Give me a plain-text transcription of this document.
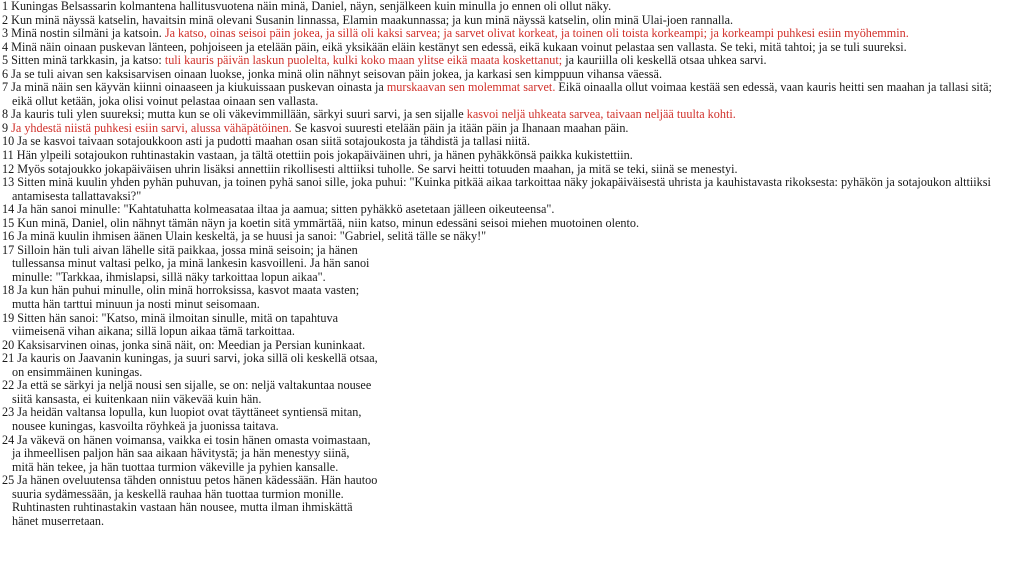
1 Kuningas Belsassarin kolmantena hallitusvuotena näin minä, Daniel, näyn, senjälkeen kuin minulla jo ennen oli ollut näky.

2 Kun minä näyssä katselin, havaitsin minä olevani Susanin linnassa, Elamin maakunnassa; ja kun minä näyssä katselin, olin minä Ulai-joen rannalla.

3 Minä nostin silmäni ja katsoin. Ja katso, oinas seisoi päin jokea, ja sillä oli kaksi sarvea; ja sarvet olivat korkeat, ja toinen oli toista korkeampi; ja korkeampi puhkesi esiin myöhemmin.

4 Minä näin oinaan puskevan länteen, pohjoiseen ja etelään päin, eikä yksikään eläin kestänyt sen edessä, eikä kukaan voinut pelastaa sen vallasta. Se teki, mitä tahtoi; ja se tuli suureksi.

5 Sitten minä tarkkasin, ja katso: tuli kauris päivän laskun puolelta, kulki koko maan ylitse eikä maata koskettanut; ja kauriilla oli keskellä otsaa uhkea sarvi.

6 Ja se tuli aivan sen kaksisarvisen oinaan luokse, jonka minä olin nähnyt seisovan päin jokea, ja karkasi sen kimppuun vihansa väessä.

7 Ja minä näin sen käyvän kiinni oinaaseen ja kiukuissaan puskevan oinasta ja murskaavan sen molemmat sarvet. Eikä oinaalla ollut voimaa kestää sen edessä, vaan kauris heitti sen maahan ja tallasi sitä; eikä ollut ketään, joka olisi voinut pelastaa oinaan sen vallasta.

8 Ja kauris tuli ylen suureksi; mutta kun se oli väkevimmillään, särkyi suuri sarvi, ja sen sijalle kasvoi neljä uhkeata sarvea, taivaan neljää tuulta kohti.

9 Ja yhdestä niistä puhkesi esiin sarvi, alussa vähäpätöinen. Se kasvoi suuresti etelään päin ja itään päin ja Ihanaan maahan päin.

10 Ja se kasvoi taivaan sotajoukkoon asti ja pudotti maahan osan siitä sotajoukosta ja tähdistä ja tallasi niitä.

11 Hän ylpeili sotajoukon ruhtinastakin vastaan, ja tältä otettiin pois jokapäiväinen uhri, ja hänen pyhäkkönsä paikka kukistettiin.

12 Myös sotajoukko jokapäiväisen uhrin lisäksi annettiin rikollisesti alttiiksi tuholle. Se sarvi heitti totuuden maahan, ja mitä se teki, siinä se menestyi.

13 Sitten minä kuulin yhden pyhän puhuvan, ja toinen pyhä sanoi sille, joka puhui: "Kuinka pitkää aikaa tarkoittaa näky jokapäiväisestä uhrista ja kauhistavasta rikoksesta: pyhäkön ja sotajoukon alttiiksi antamisesta tallattavaksi?"

14 Ja hän sanoi minulle: "Kahtatuhatta kolmeasataa iltaa ja aamua; sitten pyhäkkö asetetaan jälleen oikeuteensa".

15 Kun minä, Daniel, olin nähnyt tämän näyn ja koetin sitä ymmärtää, niin katso, minun edessäni seisoi miehen muotoinen olento.

16 Ja minä kuulin ihmisen äänen Ulain keskeltä, ja se huusi ja sanoi: "Gabriel, selitä tälle se näky!"

17 Silloin hän tuli aivan lähelle sitä paikkaa, jossa minä seisoin; ja hänen
tullessansa minut valtasi pelko, ja minä lankesin kasvoilleni. Ja hän sanoi
minulle: "Tarkkaa, ihmislapsi, sillä näky tarkoittaa lopun aikaa".

18 Ja kun hän puhui minulle, olin minä horroksissa, kasvot maata vasten;
mutta hän tarttui minuun ja nosti minut seisomaan.

19 Sitten hän sanoi: "Katso, minä ilmoitan sinulle, mitä on tapahtuva
viimeisenä vihan aikana; sillä lopun aikaa tämä tarkoittaa.

20 Kaksisarvinen oinas, jonka sinä näit, on: Meedian ja Persian kuninkaat.

21 Ja kauris on Jaavanin kuningas, ja suuri sarvi, joka sillä oli keskellä otsaa,
on ensimmäinen kuningas.

22 Ja että se särkyi ja neljä nousi sen sijalle, se on: neljä valtakuntaa nousee
siitä kansasta, ei kuitenkaan niin väkevää kuin hän.

23 Ja heidän valtansa lopulla, kun luopiot ovat täyttäneet syntiensä mitan,
nousee kuningas, kasvoilta röyhkeä ja juonissa taitava.

24 Ja väkevä on hänen voimansa, vaikka ei tosin hänen omasta voimastaan,
ja ihmeellisen paljon hän saa aikaan hävitystä; ja hän menestyy siinä,
mitä hän tekee, ja hän tuottaa turmion väkeville ja pyhien kansalle.

25 Ja hänen oveluutensa tähden onnistuu petos hänen kädessään. Hän hautoo
suuria sydämessään, ja keskellä rauhaa hän tuottaa turmion monille.
Ruhtinasten ruhtinastakin vastaan hän nousee, mutta ilman ihmiskättä
hänet muserretaan.
